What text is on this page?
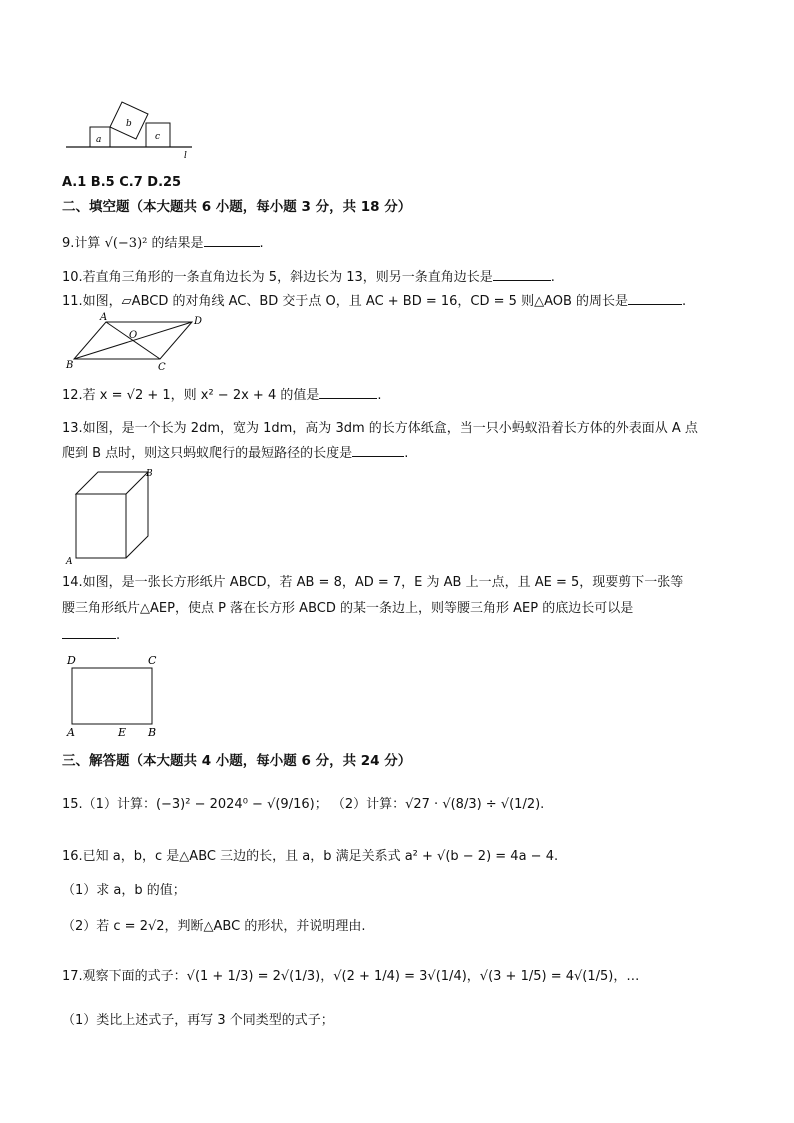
a
b
c
l
A.1 B.5 C.7 D.25
二、填空题（本大题共 6 小题，每小题 3 分，共 18 分）
9.计算 √(−3)² 的结果是	.
10.若直角三角形的一条直角边长为 5，斜边长为 13，则另一条直角边长是	.
11.如图，▱ABCD 的对角线 AC、BD 交于点 O，且 AC + BD = 16，CD = 5 则△AOB 的周长是	.
A	D
O
B	C
12.若 x = √2 + 1，则 x² − 2x + 4 的值是	.
13.如图，是一个长为 2dm，宽为 1dm，高为 3dm 的长方体纸盒，当一只小蚂蚁沿着长方体的外表面从 A 点
爬到 B 点时，则这只蚂蚁爬行的最短路径的长度是	.
B
A
14.如图，是一张长方形纸片 ABCD，若 AB = 8，AD = 7，E 为 AB 上一点，且 AE = 5，现要剪下一张等
腰三角形纸片△AEP，使点 P 落在长方形 ABCD 的某一条边上，则等腰三角形 AEP 的底边长可以是
.
D	C
A	E B
三、解答题（本大题共 4 小题，每小题 6 分，共 24 分）
15.（1）计算：(−3)² − 2024⁰ − √(9/16)； （2）计算：√27 · √(8/3) ÷ √(1/2).
16.已知 a，b，c 是△ABC 三边的长，且 a，b 满足关系式 a² + √(b − 2) = 4a − 4.
（1）求 a，b 的值；
（2）若 c = 2√2，判断△ABC 的形状，并说明理由.
17.观察下面的式子：√(1 + 1/3) = 2√(1/3)，√(2 + 1/4) = 3√(1/4)，√(3 + 1/5) = 4√(1/5)，…
（1）类比上述式子，再写 3 个同类型的式子；
